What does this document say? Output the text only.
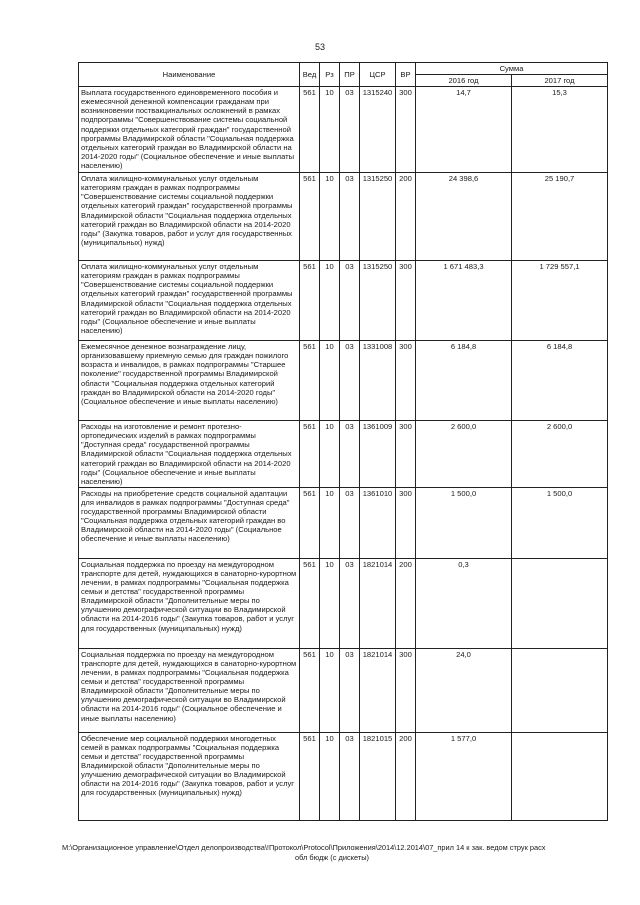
53
Наименование	Вед	Рз	ПР	ЦСР	ВР	Сумма	
						2016 год	2017 год
Выплата государственного единовременного пособия и ежемесячной денежной компенсации гражданам при возникновении поствакцинальных осложнений в рамках подпрограммы "Совершенствование системы социальной поддержки отдельных категорий граждан" государственной программы Владимирской области "Социальная поддержка отдельных категорий граждан во Владимирской области на 2014-2020 годы" (Социальное обеспечение и иные выплаты населению)	561	10	03	1315240	300	14,7	15,3
Оплата жилищно-коммунальных услуг отдельным категориям граждан в рамках подпрограммы "Совершенствование системы социальной поддержки отдельных категорий граждан" государственной программы Владимирской области "Социальная поддержка отдельных категорий граждан во Владимирской области на 2014-2020 годы" (Закупка товаров, работ и услуг для государственных (муниципальных) нужд)	561	10	03	1315250	200	24 398,6	25 190,7
Оплата жилищно-коммунальных услуг отдельным категориям граждан в рамках подпрограммы "Совершенствование системы социальной поддержки отдельных категорий граждан" государственной программы Владимирской области "Социальная поддержка отдельных категорий граждан во Владимирской области на 2014-2020 годы" (Социальное обеспечение и иные выплаты населению)	561	10	03	1315250	300	1 671 483,3	1 729 557,1
Ежемесячное денежное вознаграждение лицу, организовавшему приемную семью для граждан пожилого возраста и инвалидов, в рамках подпрограммы "Старшее поколение" государственной программы Владимирской области "Социальная поддержка отдельных категорий граждан во Владимирской области на 2014-2020 годы" (Социальное обеспечение и иные выплаты населению)	561	10	03	1331008	300	6 184,8	6 184,8
Расходы на изготовление и ремонт протезно-ортопедических изделий в рамках подпрограммы "Доступная среда" государственной программы Владимирской области "Социальная поддержка отдельных категорий граждан во Владимирской области на 2014-2020 годы" (Социальное обеспечение и иные выплаты населению)	561	10	03	1361009	300	2 600,0	2 600,0
Расходы на приобретение средств социальной адаптации для инвалидов в рамках подпрограммы "Доступная среда" государственной программы Владимирской области "Социальная поддержка отдельных категорий граждан во Владимирской области на 2014-2020 годы" (Социальное обеспечение и иные выплаты населению)	561	10	03	1361010	300	1 500,0	1 500,0
Социальная поддержка по проезду на междугородном транспорте для детей, нуждающихся в санаторно-курортном лечении, в рамках подпрограммы "Социальная поддержка семьи и детства" государственной программы Владимирской области "Дополнительные меры по улучшению демографической ситуации во Владимирской области на 2014-2016 годы" (Закупка товаров, работ и услуг для государственных (муниципальных) нужд)	561	10	03	1821014	200	0,3	
Социальная поддержка по проезду на междугородном транспорте для детей, нуждающихся в санаторно-курортном лечении, в рамках подпрограммы "Социальная поддержка семьи и детства" государственной программы Владимирской области "Дополнительные меры по улучшению демографической ситуации во Владимирской области на 2014-2016 годы" (Социальное обеспечение и иные выплаты населению)	561	10	03	1821014	300	24,0	
Обеспечение мер социальной поддержки многодетных семей в рамках подпрограммы "Социальная поддержка семьи и детства" государственной программы Владимирской области "Дополнительные меры по улучшению демографической ситуации во Владимирской области на 2014-2016 годы" (Закупка товаров, работ и услуг для государственных (муниципальных) нужд)	561	10	03	1821015	200	1 577,0	
М:\Организационное управление\Отдел делопроизводства\!Протокол\Protocol\Приложения\2014\12.2014\07_прил 14 к зак. ведом струк расх
обл бюдж (с дискеты)
